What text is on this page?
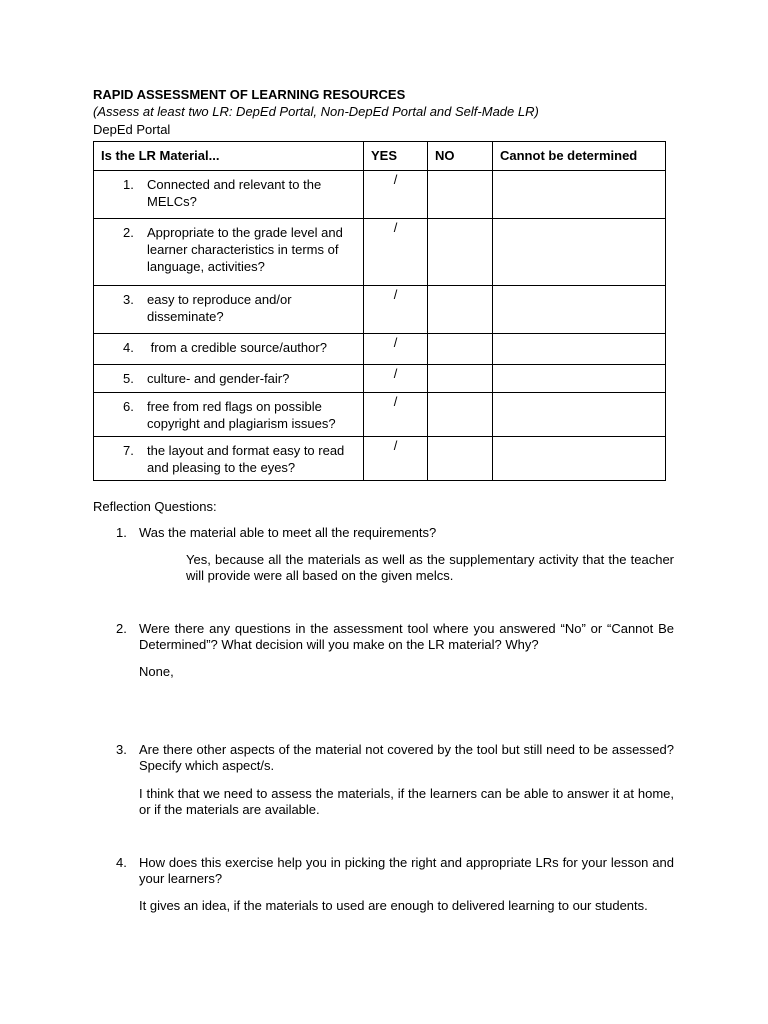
RAPID ASSESSMENT OF LEARNING RESOURCES
(Assess at least two LR: DepEd Portal, Non-DepEd Portal and Self-Made LR)
DepEd Portal
Is the LR Material...	YES	NO	Cannot be determined

1. Connected and relevant to the MELCs?	/		

2. Appropriate to the grade level and learner characteristics in terms of language, activities?	/		

3. easy to reproduce and/or disseminate?	/		

4. from a credible source/author?	/		

5. culture- and gender-fair?	/		

6. free from red flags on possible copyright and plagiarism issues?	/		

7. the layout and format easy to read and pleasing to the eyes?	/		
Reflection Questions:
1. Was the material able to meet all the requirements?
Yes, because all the materials as well as the supplementary activity that the teacher will provide were all based on the given melcs.
2. Were there any questions in the assessment tool where you answered “No” or “Cannot Be Determined”? What decision will you make on the LR material? Why?
None,
3. Are there other aspects of the material not covered by the tool but still need to be assessed? Specify which aspect/s.
I think that we need to assess the materials, if the learners can be able to answer it at home, or if the materials are available.
4. How does this exercise help you in picking the right and appropriate LRs for your lesson and your learners?
It gives an idea, if the materials to used are enough to delivered learning to our students.
